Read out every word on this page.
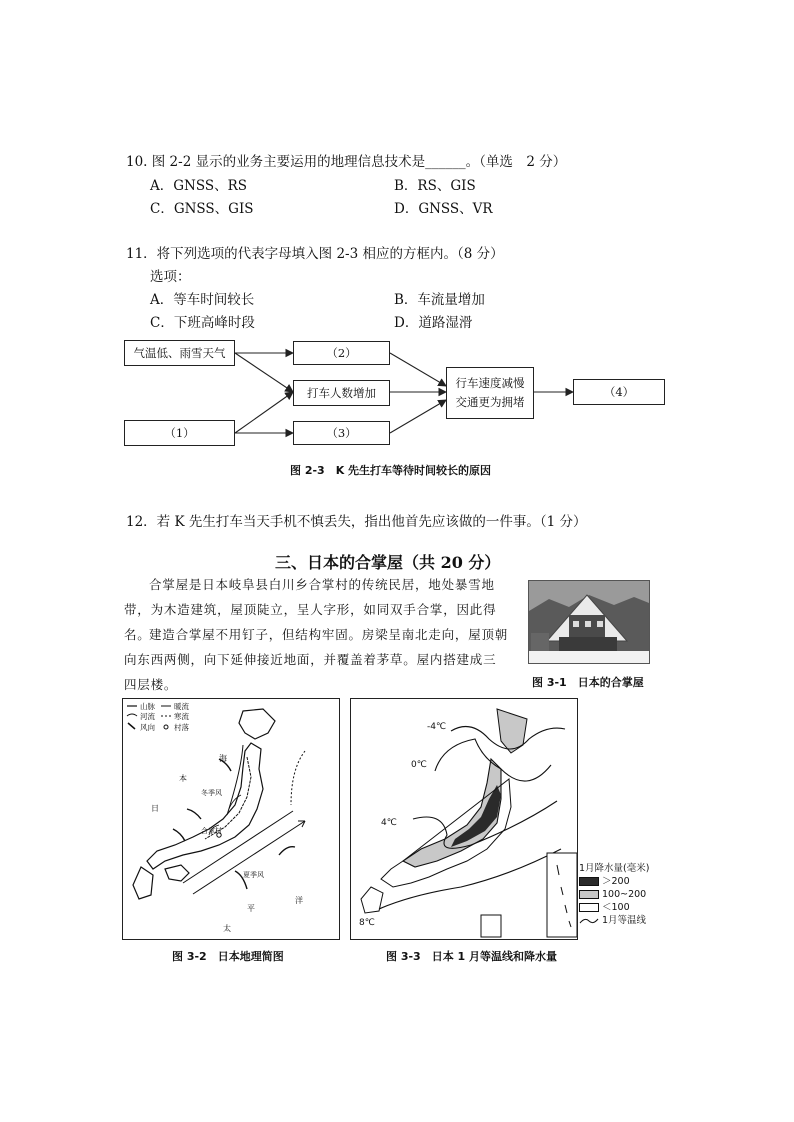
10. 图 2-2 显示的业务主要运用的地理信息技术是______。（单选　2 分）
A．GNSS、RS	B．RS、GIS
C．GNSS、GIS	D．GNSS、VR
11．将下列选项的代表字母填入图 2-3 相应的方框内。（8 分）
选项：
A．等车时间较长	B．车流量增加
C．下班高峰时段	D．道路湿滑
气温低、雨雪天气
（1）
（2）
打车人数增加
（3）
行车速度减慢
交通更为拥堵
（4）
图 2-3　K 先生打车等待时间较长的原因
12．若 K 先生打车当天手机不慎丢失，指出他首先应该做的一件事。（1 分）
三、日本的合掌屋（共 20 分）
合掌屋是日本岐阜县白川乡合掌村的传统民居，地处暴雪地带，为木造建筑，屋顶陡立，呈人字形，如同双手合掌，因此得名。
建造合掌屋不用钉子，但结构牢固。房梁呈南北走向，屋顶朝向东西两侧，向下延伸接近地面，并覆盖着茅草。屋内搭建成三四层楼。	图 3-1　日本的合掌屋
山脉	暖流
河流	寒流
风向	村落
海
本
日
冬季风
合掌村
夏季风
平
洋
太
图 3-2　日本地理简图
-4℃
0℃
4℃
8℃
1月降水量(毫米)
＞200
100~200
＜100
1月等温线
图 3-3　日本 1 月等温线和降水量
